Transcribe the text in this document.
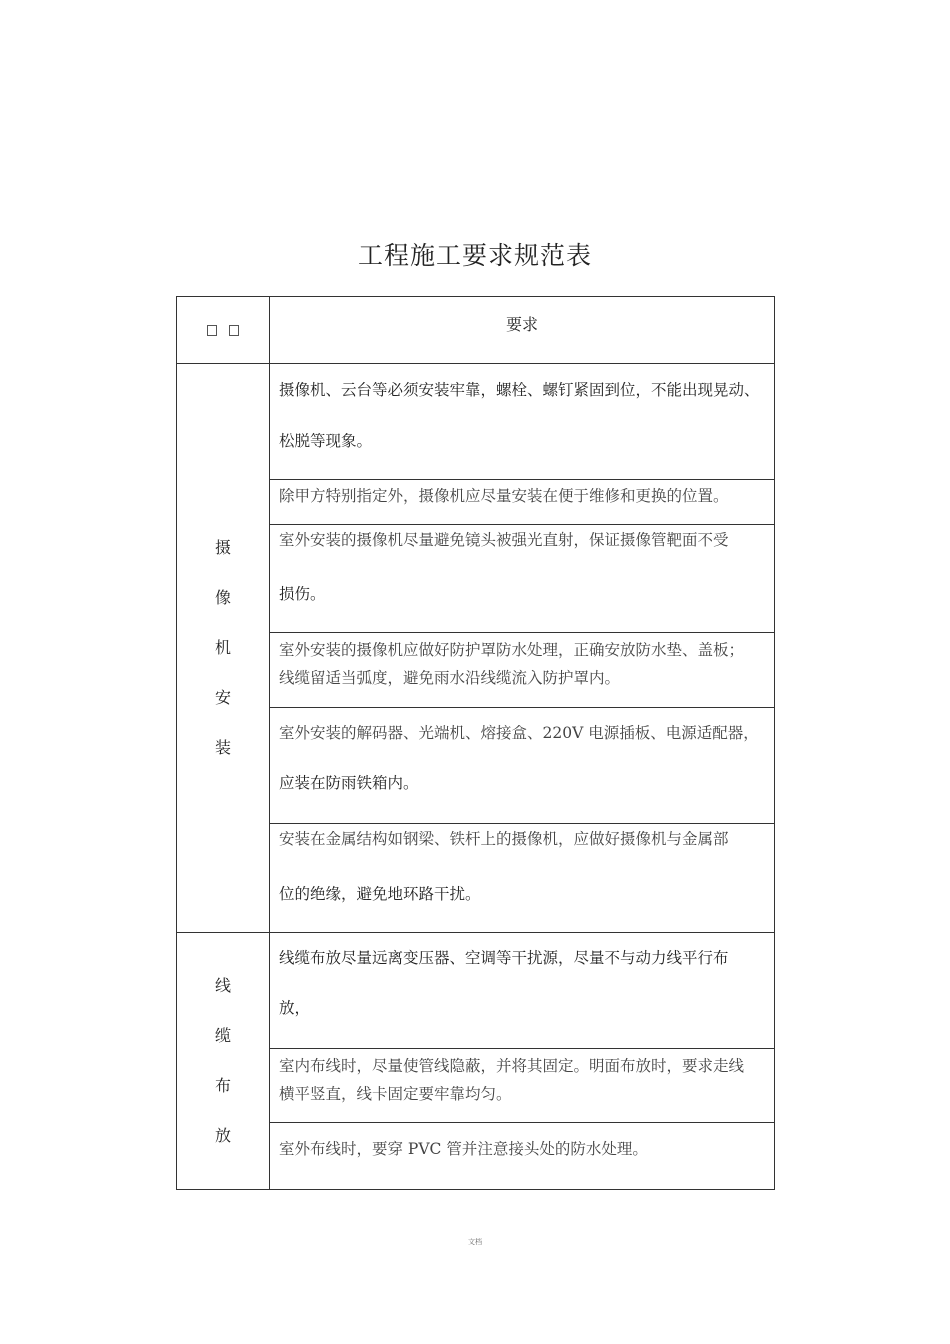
工程施工要求规范表
	要求

摄
像
机
安
装	摄像机、云台等必须安装牢靠，螺栓、螺钉紧固到位，不能出现晃动、
松脱等现象。

	除甲方特别指定外，摄像机应尽量安装在便于维修和更换的位置。

	室外安装的摄像机尽量避免镜头被强光直射，保证摄像管靶面不受
损伤。

	室外安装的摄像机应做好防护罩防水处理，正确安放防水垫、盖板；
线缆留适当弧度，避免雨水沿线缆流入防护罩内。

	室外安装的解码器、光端机、熔接盒、220V 电源插板、电源适配器，
应装在防雨铁箱内。

	安装在金属结构如钢梁、铁杆上的摄像机，应做好摄像机与金属部
位的绝缘，避免地环路干扰。

线
缆
布
放	线缆布放尽量远离变压器、空调等干扰源，尽量不与动力线平行布
放，

	室内布线时，尽量使管线隐蔽，并将其固定。明面布放时，要求走线
横平竖直，线卡固定要牢靠均匀。

	室外布线时，要穿 PVC 管并注意接头处的防水处理。
文档
